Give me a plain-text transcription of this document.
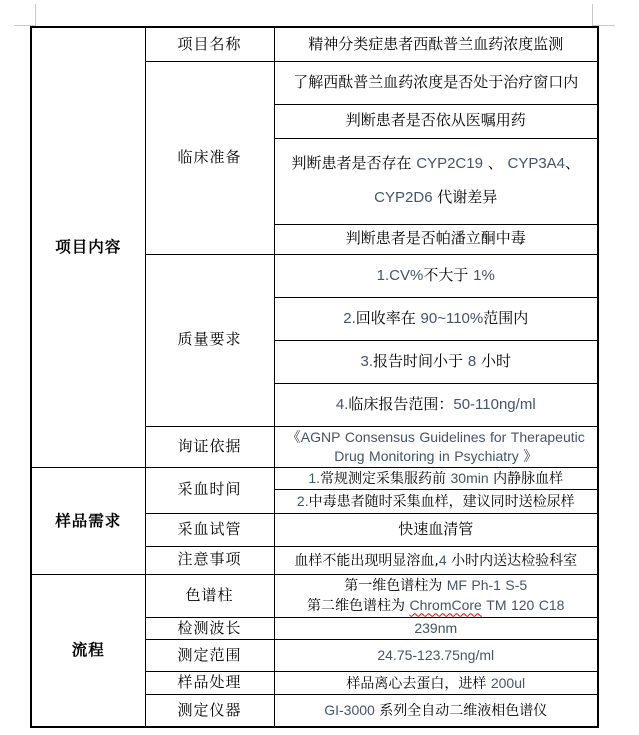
项目内容	项目名称	精神分类症患者西酞普兰血药浓度监测
	临床准备	了解西酞普兰血药浓度是否处于治疗窗口内
		判断患者是否依从医嘱用药

		判断患者是否存在 CYP2C19 、 CYP3A4、
CYP2D6 代谢差异

		判断患者是否帕潘立酮中毒
	质量要求	1.CV%不大于 1%
		2.回收率在 90~110%范围内
		3.报告时间小于 8 小时
		4.临床报告范围：50-110ng/ml
	询证依据	《AGNP Consensus Guidelines for Therapeutic
Drug Monitoring in Psychiatry 》

样品需求	采血时间	1.常规测定采集服药前 30min 内静脉血样
		2.中毒患者随时采集血样，建议同时送检尿样
	采血试管	快速血清管
	注意事项	血样不能出现明显溶血,4 小时内送达检验科室
流程	色谱柱	第一维色谱柱为 MF Ph-1 S-5
第二维色谱柱为 ChromCore TM 120 C18

	检测波长	239nm
	测定范围	24.75-123.75ng/ml
	样品处理	样品离心去蛋白，进样 200ul
	测定仪器	GI-3000 系列全自动二维液相色谱仪
